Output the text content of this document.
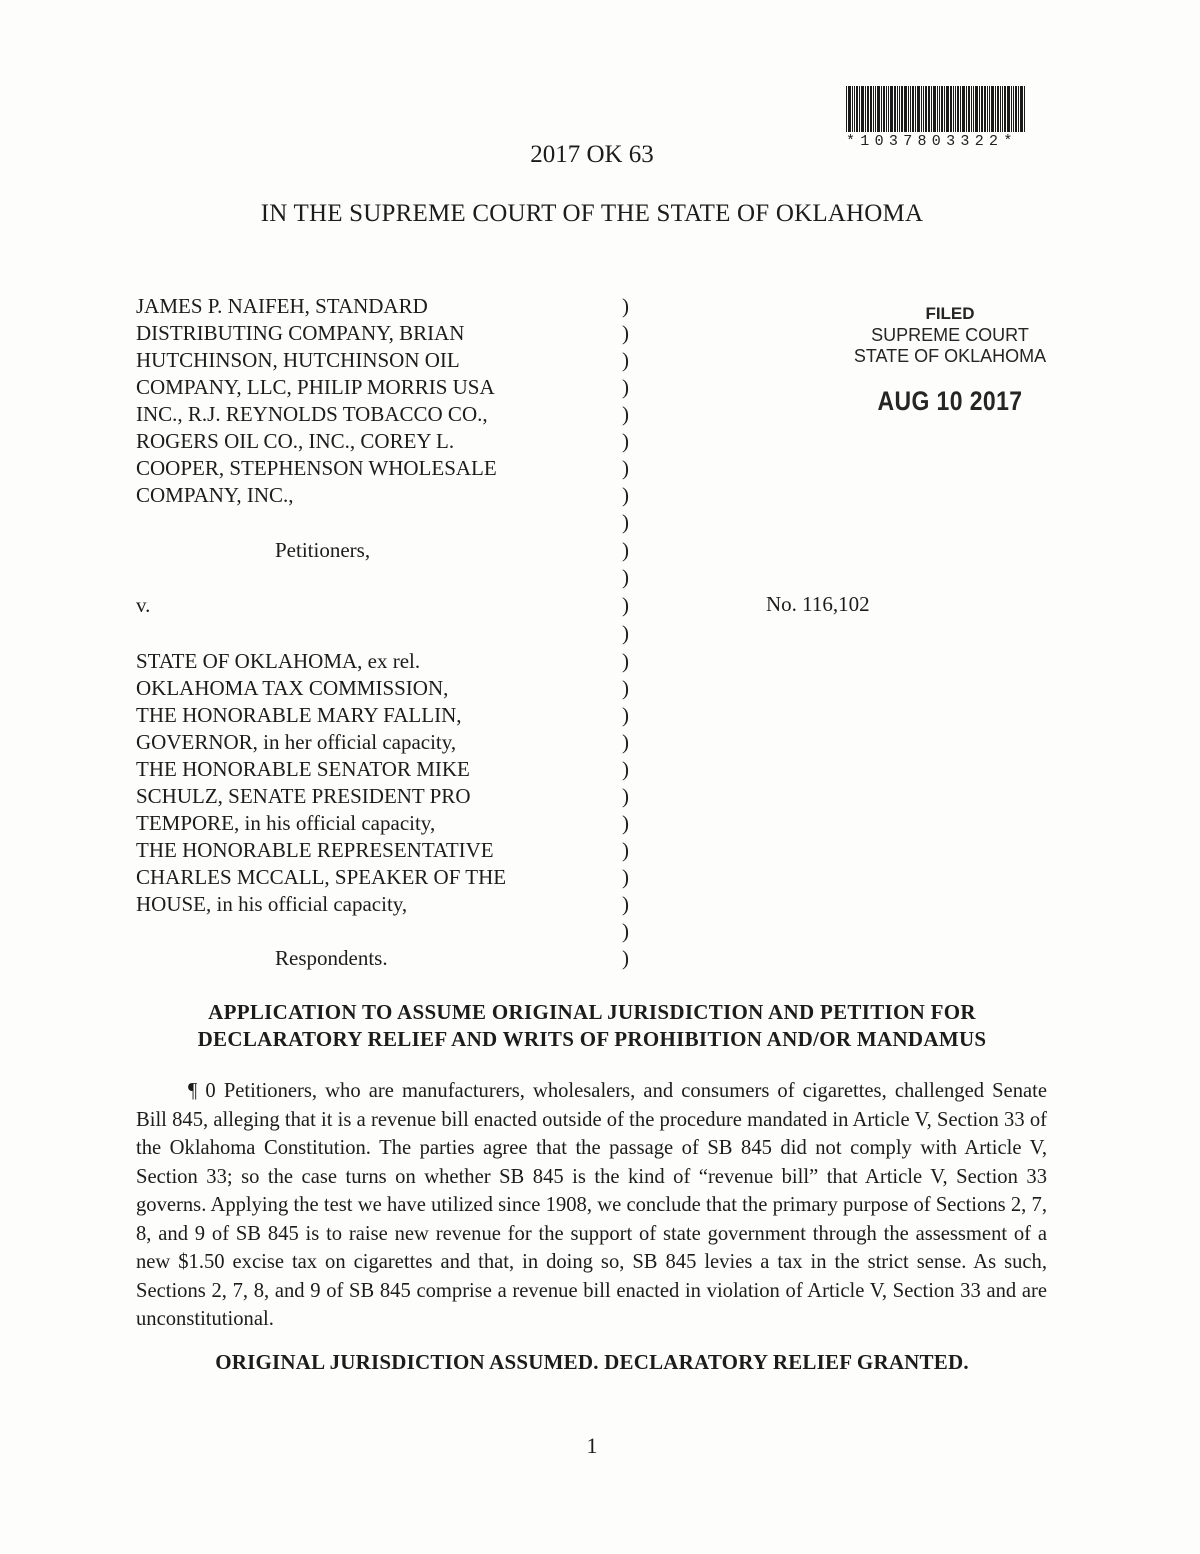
*1037803322*
2017 OK 63
IN THE SUPREME COURT OF THE STATE OF OKLAHOMA
JAMES P. NAIFEH, STANDARD
DISTRIBUTING COMPANY, BRIAN
HUTCHINSON, HUTCHINSON OIL
COMPANY, LLC, PHILIP MORRIS USA
INC., R.J. REYNOLDS TOBACCO CO.,
ROGERS OIL CO., INC., COREY L.
COOPER, STEPHENSON WHOLESALE
COMPANY, INC.,
Petitioners,
v.
STATE OF OKLAHOMA, ex rel.
OKLAHOMA TAX COMMISSION,
THE HONORABLE MARY FALLIN,
GOVERNOR, in her official capacity,
THE HONORABLE SENATOR MIKE
SCHULZ, SENATE PRESIDENT PRO
TEMPORE, in his official capacity,
THE HONORABLE REPRESENTATIVE
CHARLES MCCALL, SPEAKER OF THE
HOUSE, in his official capacity,
Respondents.
)
)
)
)
)
)
)
)
)
)
)
)
)
)
)
)
)
)
)
)
)
)
)
)
)
FILED
SUPREME COURT
STATE OF OKLAHOMA
AUG 10 2017
No. 116,102
APPLICATION TO ASSUME ORIGINAL JURISDICTION AND PETITION FOR
DECLARATORY RELIEF AND WRITS OF PROHIBITION AND/OR MANDAMUS
¶ 0 Petitioners, who are manufacturers, wholesalers, and consumers of cigarettes, challenged Senate Bill 845, alleging that it is a revenue bill enacted outside of the procedure mandated in Article V, Section 33 of the Oklahoma Constitution. The parties agree that the passage of SB 845 did not comply with Article V, Section 33; so the case turns on whether SB 845 is the kind of “revenue bill” that Article V, Section 33 governs. Applying the test we have utilized since 1908, we conclude that the primary purpose of Sections 2, 7, 8, and 9 of SB 845 is to raise new revenue for the support of state government through the assessment of a new $1.50 excise tax on cigarettes and that, in doing so, SB 845 levies a tax in the strict sense. As such, Sections 2, 7, 8, and 9 of SB 845 comprise a revenue bill enacted in violation of Article V, Section 33 and are unconstitutional.
ORIGINAL JURISDICTION ASSUMED. DECLARATORY RELIEF GRANTED.
1
